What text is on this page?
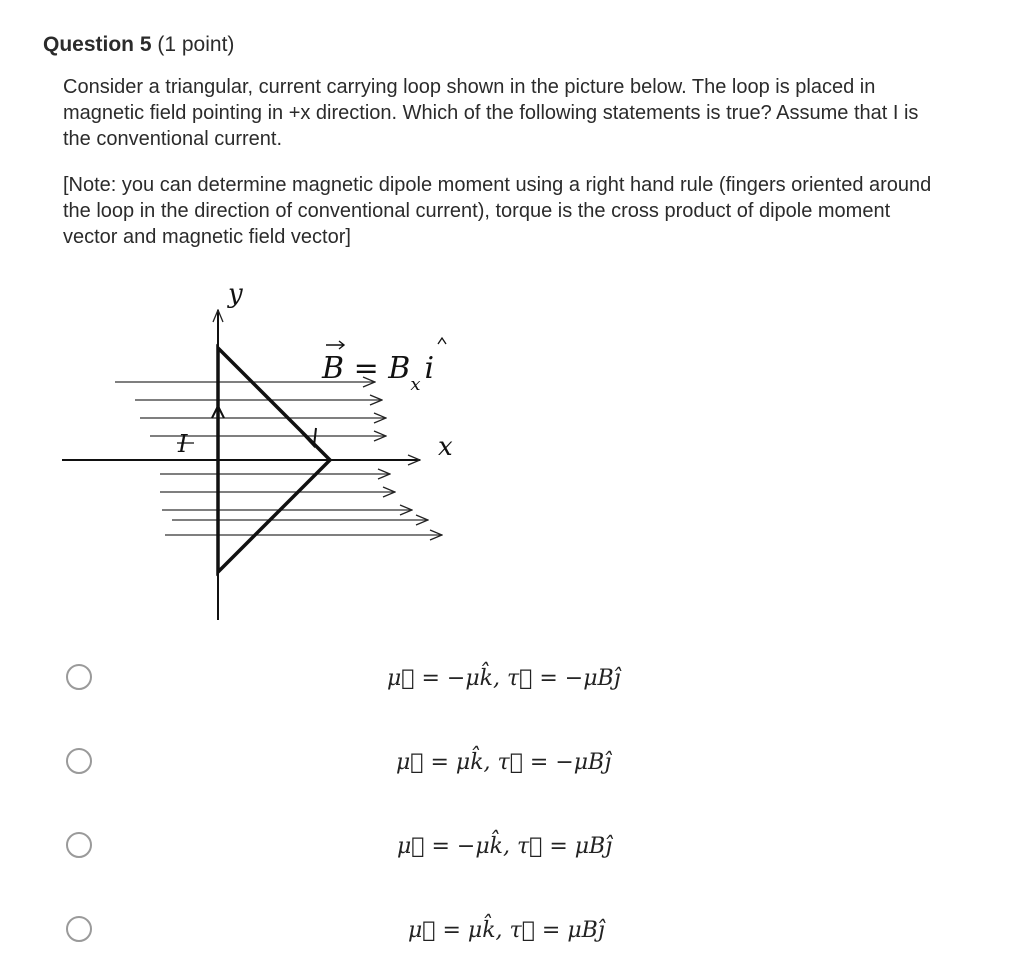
Question 5 (1 point)

Consider a triangular, current carrying loop shown in the picture below. The loop is placed in magnetic field pointing in +x direction. Which of the following statements is true? Assume that I is the conventional current.

[Note: you can determine magnetic dipole moment using a right hand rule (fingers oriented around the loop in the direction of conventional current), torque is the cross product of dipole moment vector and magnetic field vector]

y
x
I
$B = B_x$ i
μ⃗ = −μk̂, τ⃗ = −μBĵ
μ⃗ = μk̂, τ⃗ = −μBĵ
μ⃗ = −μk̂, τ⃗ = μBĵ
μ⃗ = μk̂, τ⃗ = μBĵ
